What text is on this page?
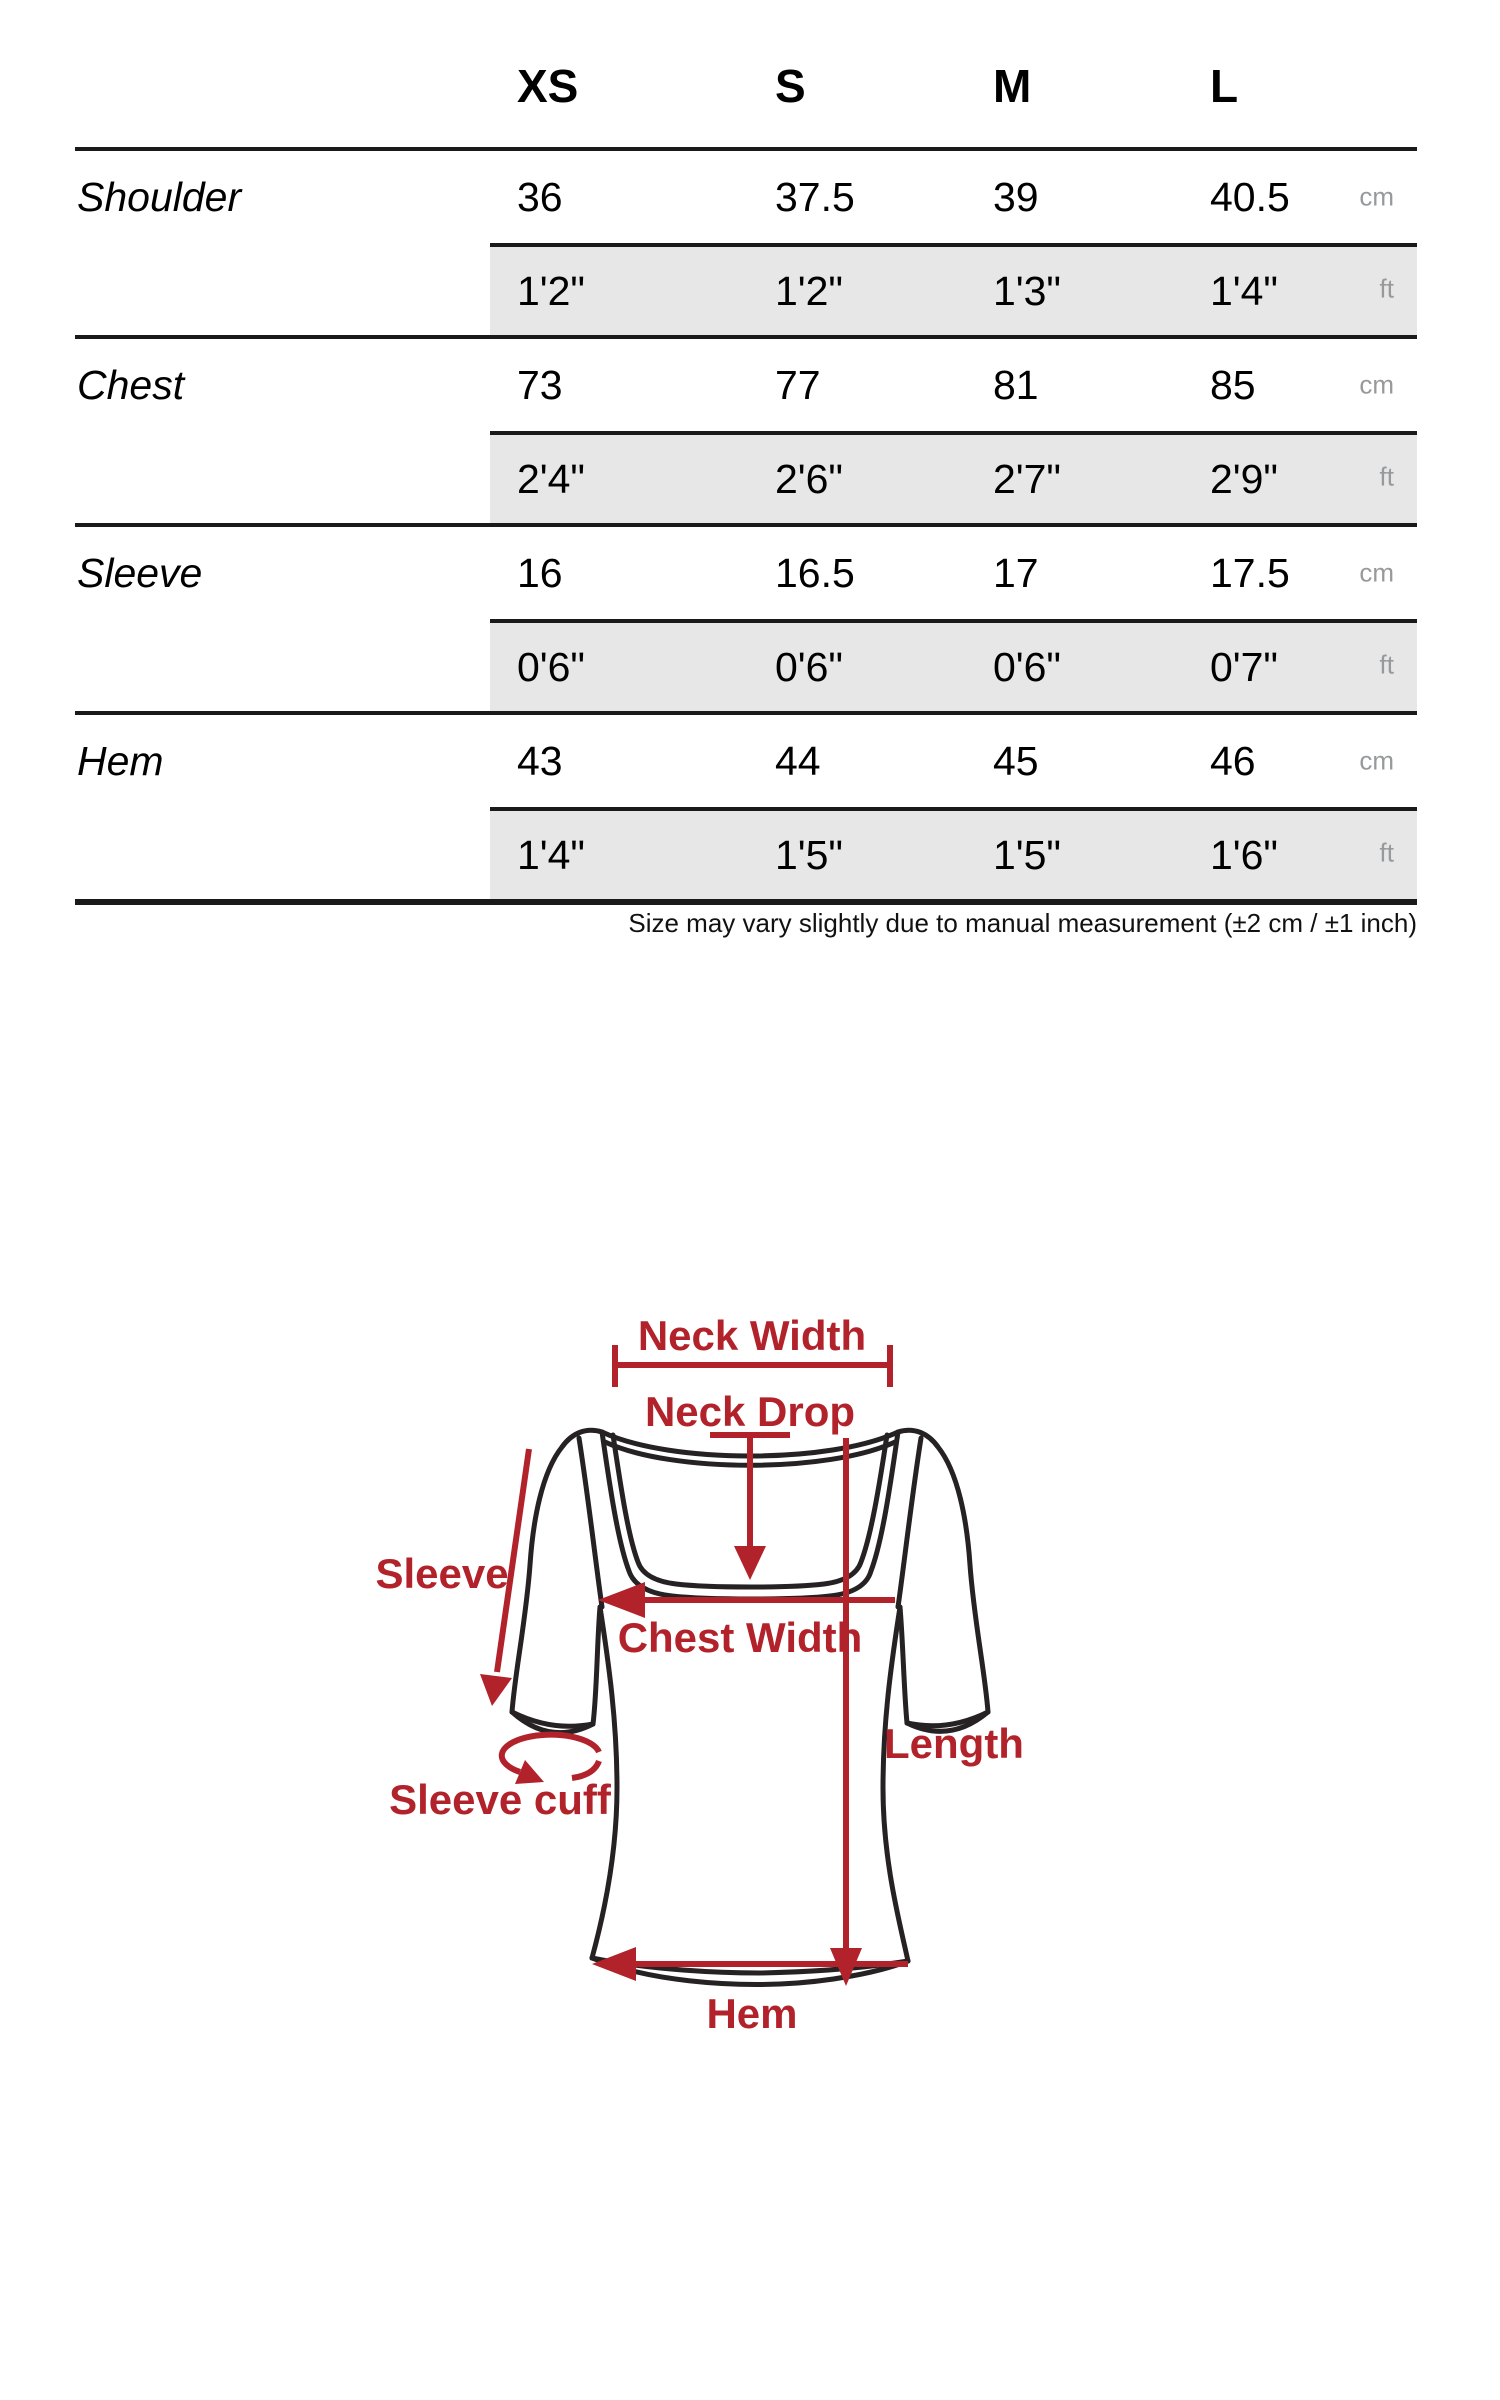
XS	S	M	L
Shoulder	36	37.5	39	40.5	cm
1'2"	1'2"	1'3"	1'4"	ft
Chest	73	77	81	85	cm
2'4"	2'6"	2'7"	2'9"	ft
Sleeve	16	16.5	17	17.5	cm
0'6"	0'6"	0'6"	0'7"	ft
Hem	43	44	45	46	cm
1'4"	1'5"	1'5"	1'6"	ft
Size may vary slightly due to manual measurement (±2 cm / ±1 inch)
Neck Width
Neck Drop
Sleeve
Chest Width
Sleeve cuff
Length
Hem
